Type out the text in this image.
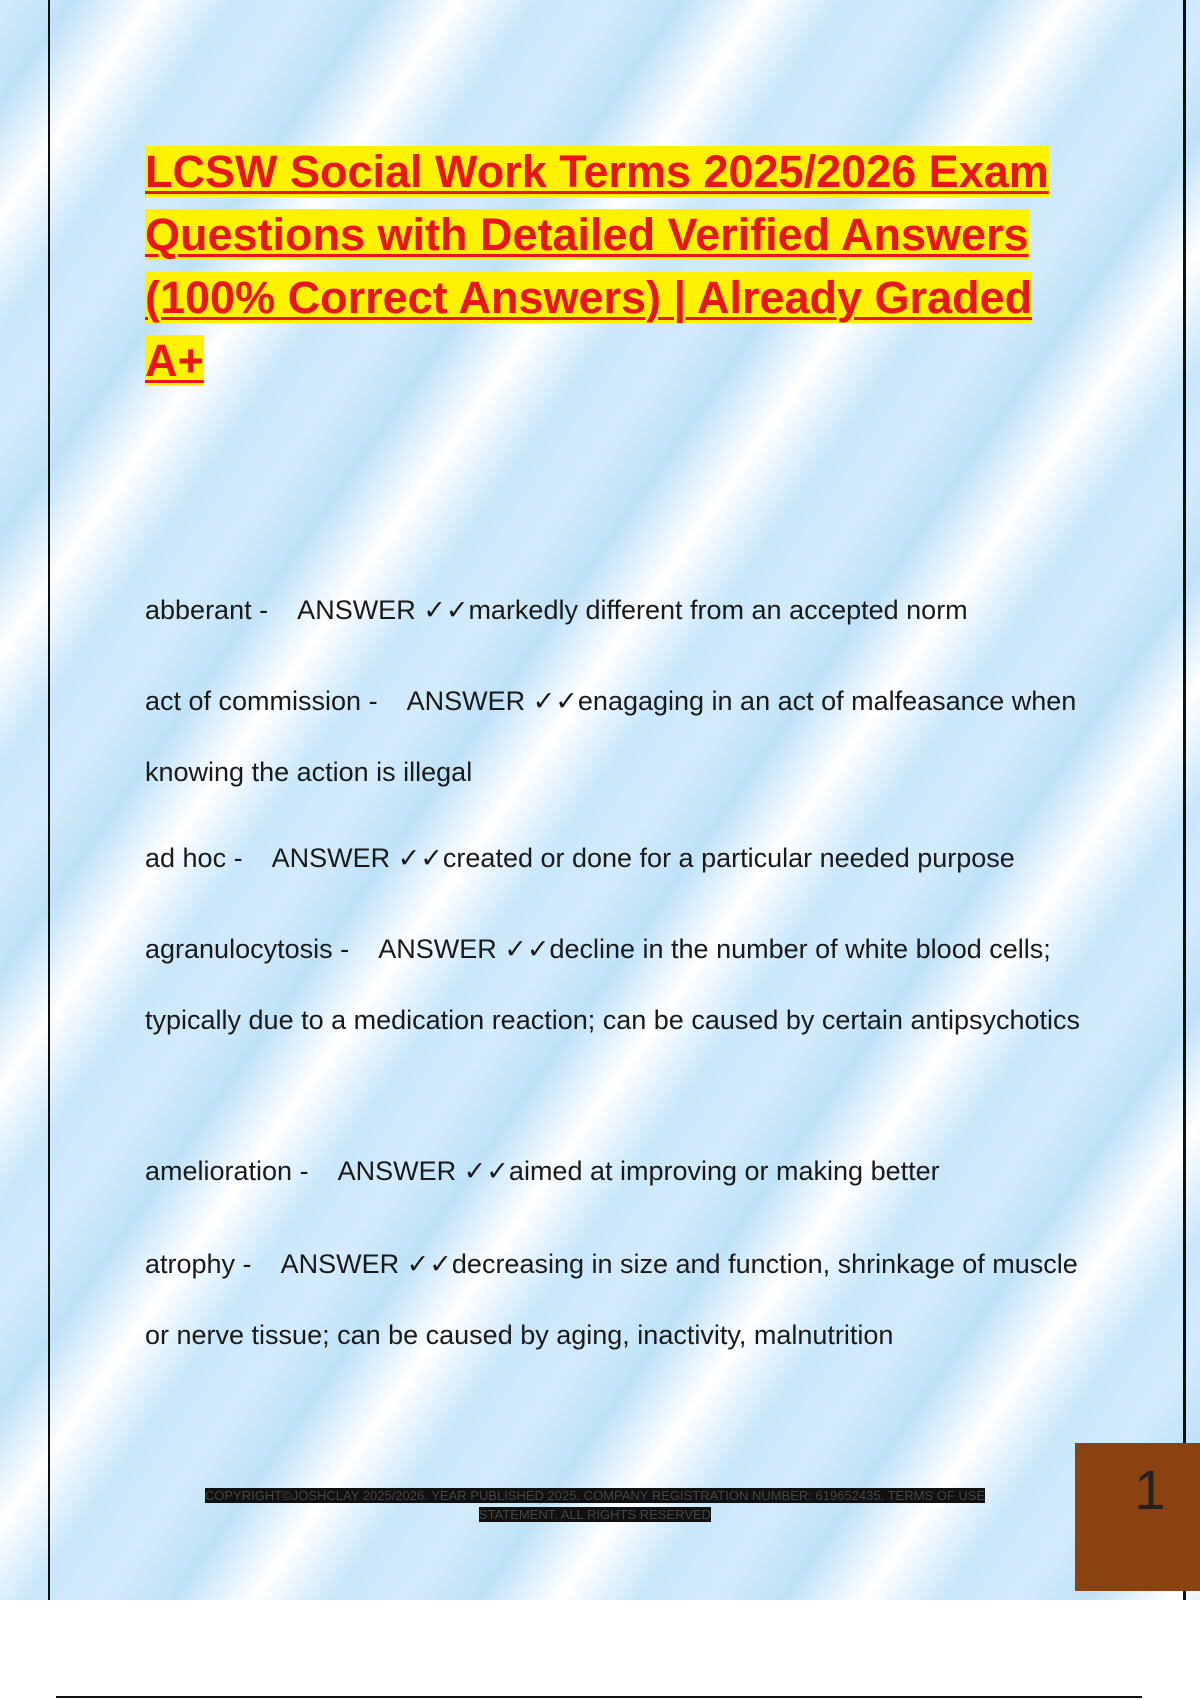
LCSW Social Work Terms 2025/2026 Exam Questions with Detailed Verified Answers (100% Correct Answers) | Already Graded A+

abberant - ANSWER ✓✓markedly different from an accepted norm

act of commission - ANSWER ✓✓enagaging in an act of malfeasance when knowing the action is illegal

ad hoc - ANSWER ✓✓created or done for a particular needed purpose

agranulocytosis - ANSWER ✓✓decline in the number of white blood cells; typically due to a medication reaction; can be caused by certain antipsychotics

amelioration - ANSWER ✓✓aimed at improving or making better

atrophy - ANSWER ✓✓decreasing in size and function, shrinkage of muscle or nerve tissue; can be caused by aging, inactivity, malnutrition

COPYRIGHT©JOSHCLAY 2025/2026. YEAR PUBLISHED 2025. COMPANY REGISTRATION NUMBER: 619652435. TERMS OF USE STATEMENT. ALL RIGHTS RESERVED	1
